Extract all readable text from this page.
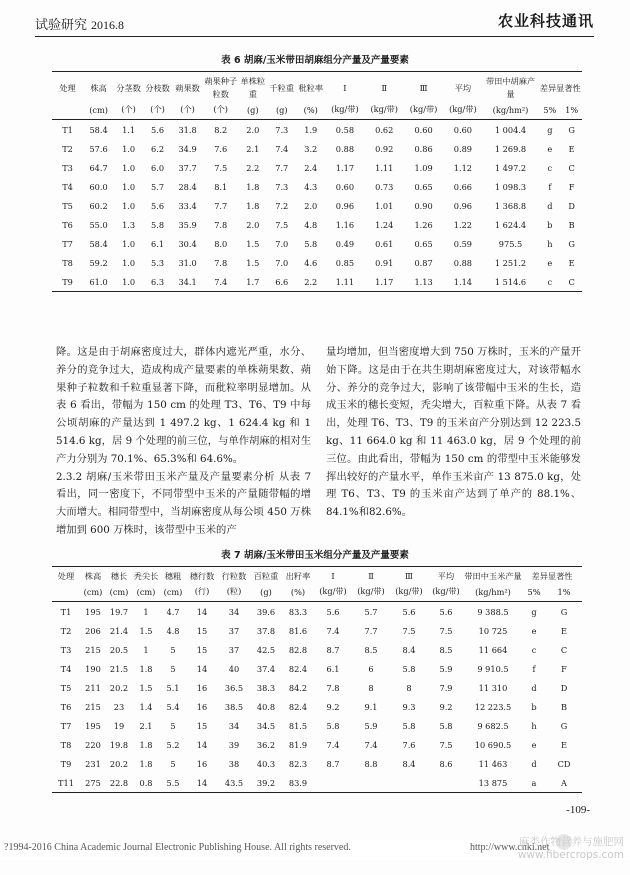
试验研究 2016.8	农业科技通讯
表 6 胡麻/玉米带田胡麻组分产量及产量要素
处理	株高	分茎数	分枝数	蒴果数	蒴果种子粒数	单株粒重	千粒重	秕粒率	Ⅰ	Ⅱ	Ⅲ	平均	带田中胡麻产量	差异显著性	
	(cm)	(个)	(个)	(个)	(个)	(g)	(g)	(%)	(kg/带)	(kg/带)	(kg/带)	(kg/带)	(kg/hm²)	5%	1%
T1	58.4	1.1	5.6	31.8	8.2	2.0	7.3	1.9	0.58	0.62	0.60	0.60	1 004.4	g	G
T2	57.6	1.0	6.2	34.9	7.6	2.1	7.4	3.2	0.88	0.92	0.86	0.89	1 269.8	e	E
T3	64.7	1.0	6.0	37.7	7.5	2.2	7.7	2.4	1.17	1.11	1.09	1.12	1 497.2	c	C
T4	60.0	1.0	5.7	28.4	8.1	1.8	7.3	4.3	0.60	0.73	0.65	0.66	1 098.3	f	F
T5	60.2	1.0	5.6	33.4	7.7	1.8	7.2	2.0	0.96	1.01	0.90	0.96	1 368.8	d	D
T6	55.0	1.3	5.8	35.9	7.8	2.0	7.5	4.8	1.16	1.24	1.26	1.22	1 624.4	b	B
T7	58.4	1.0	6.1	30.4	8.0	1.5	7.0	5.8	0.49	0.61	0.65	0.59	975.5	h	G
T8	59.2	1.0	5.3	31.0	7.8	1.5	7.0	4.6	0.85	0.91	0.87	0.88	1 251.2	e	E
T9	61.0	1.0	6.3	34.1	7.4	1.7	6.6	2.2	1.11	1.17	1.13	1.14	1 514.6	c	C

降。这是由于胡麻密度过大，群体内遮光严重，水分、养分的竞争过大，造成构成产量要素的单株蒴果数、蒴果种子粒数和千粒重显著下降，而秕粒率明显增加。从表 6 看出，带幅为 150 cm 的处理 T3、T6、T9 中每公顷胡麻的产量达到 1 497.2 kg、1 624.4 kg 和 1 514.6 kg，居 9 个处理的前三位，与单作胡麻的相对生产力分别为 70.1%、65.3%和 64.6%。

2.3.2 胡麻/玉米带田玉米产量及产量要素分析 从表 7 看出，同一密度下，不同带型中玉米的产量随带幅的增大而增大。相同带型中，当胡麻密度从每公顷 450 万株增加到 600 万株时，该带型中玉米的产

量均增加，但当密度增大到 750 万株时，玉米的产量开始下降。这是由于在共生期胡麻密度过大，对该带幅水分、养分的竞争过大，影响了该带幅中玉米的生长，造成玉米的穗长变短，秃尖增大，百粒重下降。从表 7 看出，处理 T6、T3、T9 的玉米亩产分别达到 12 223.5 kg、11 664.0 kg 和 11 463.0 kg，居 9 个处理的前三位。由此看出，带幅为 150 cm 的带型中玉米能够发挥出较好的产量水平，单作玉米亩产 13 875.0 kg，处理 T6、T3、T9 的玉米亩产达到了单产的 88.1%、84.1%和82.6%。

表 7 胡麻/玉米带田玉米组分产量及产量要素
处理	株高	穗长	秃尖长	穗粗	穗行数	行粒数	百粒重	出籽率	Ⅰ	Ⅱ	Ⅲ	平均	带田中玉米产量	差异显著性	
	(cm)	(cm)	(cm)	(cm)	(行)	(粒)	(g)	(%)	(kg/带)	(kg/带)	(kg/带)	(kg/带)	(kg/hm²)	5%	1%
T1	195	19.7	1	4.7	14	34	39.6	83.3	5.6	5.7	5.6	5.6	9 388.5	g	G
T2	206	21.4	1.5	4.8	15	37	37.8	81.6	7.4	7.7	7.5	7.5	10 725	e	E
T3	215	20.5	1	5	15	37	42.5	82.8	8.7	8.5	8.4	8.5	11 664	c	C
T4	190	21.5	1.8	5	14	40	37.4	82.4	6.1	6	5.8	5.9	9 910.5	f	F
T5	211	20.2	1.5	5.1	16	36.5	38.3	84.2	7.8	8	8	7.9	11 310	d	D
T6	215	23	1.4	5.4	16	38.5	40.8	82.4	9.2	9.1	9.3	9.2	12 223.5	b	B
T7	195	19	2.1	5	15	34	34.5	81.5	5.8	5.9	5.8	5.8	9 682.5	h	G
T8	220	19.8	1.8	5.2	14	39	36.2	81.9	7.4	7.4	7.6	7.5	10 690.5	e	E
T9	231	20.2	1.8	5	16	38	40.3	82.3	8.7	8.8	8.4	8.6	11 463	d	CD
T11	275	22.8	0.8	5.5	14	43.5	39.2	83.9					13 875	a	A
-109-
?1994-2016 China Academic Journal Electronic Publishing House. All rights reserved.	http://www.cnki.net
麻类作物营养与施肥网
www.fibercrops.com
